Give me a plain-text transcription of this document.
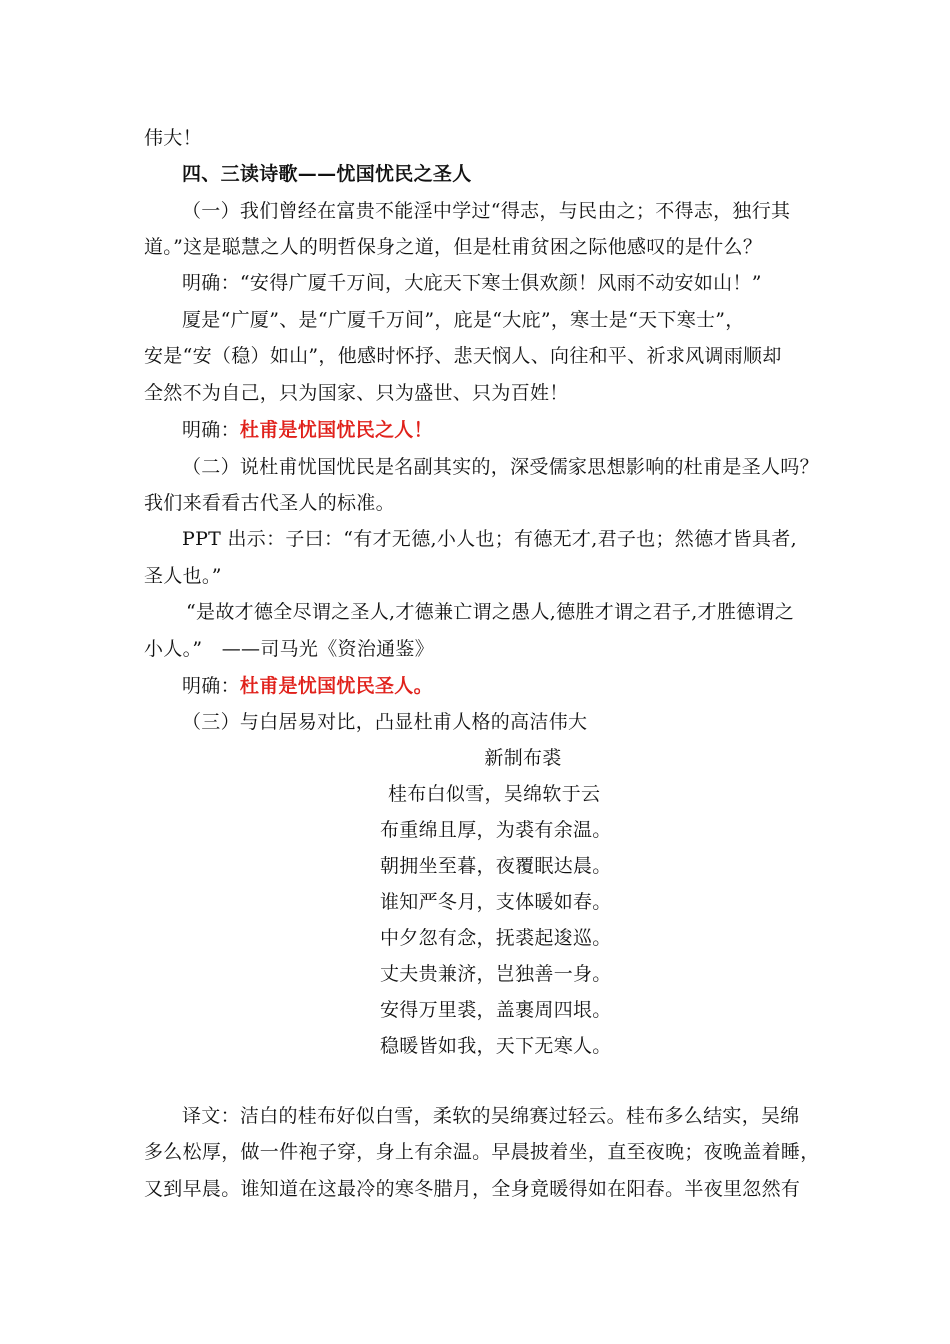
伟大！
四、三读诗歌——忧国忧民之圣人
（一）我们曾经在富贵不能淫中学过“得志，与民由之；不得志，独行其
道。”这是聪慧之人的明哲保身之道，但是杜甫贫困之际他感叹的是什么？
明确：“安得广厦千万间，大庇天下寒士俱欢颜！风雨不动安如山！”
厦是“广厦”、是“广厦千万间”，庇是“大庇”，寒士是“天下寒士”，
安是“安（稳）如山”，他感时怀抒、悲天悯人、向往和平、祈求风调雨顺却
全然不为自己，只为国家、只为盛世、只为百姓！
明确：杜甫是忧国忧民之人！
（二）说杜甫忧国忧民是名副其实的，深受儒家思想影响的杜甫是圣人吗？
我们来看看古代圣人的标准。
PPT 出示：子曰：“有才无德,小人也；有德无才,君子也；然德才皆具者,
圣人也。”
“是故才德全尽谓之圣人,才德兼亡谓之愚人,德胜才谓之君子,才胜德谓之
小人。”　——司马光《资治通鉴》
明确：杜甫是忧国忧民圣人。
（三）与白居易对比，凸显杜甫人格的高洁伟大
新制布裘
桂布白似雪，吴绵软于云
布重绵且厚，为裘有余温。
朝拥坐至暮，夜覆眠达晨。
谁知严冬月，支体暖如春。
中夕忽有念，抚裘起逡巡。
丈夫贵兼济，岂独善一身。
安得万里裘，盖裹周四垠。
稳暖皆如我，天下无寒人。
译文：洁白的桂布好似白雪，柔软的吴绵赛过轻云。桂布多么结实，吴绵
多么松厚，做一件袍子穿，身上有余温。早晨披着坐，直至夜晚；夜晚盖着睡，
又到早晨。谁知道在这最冷的寒冬腊月，全身竟暖得如在阳春。半夜里忽然有
